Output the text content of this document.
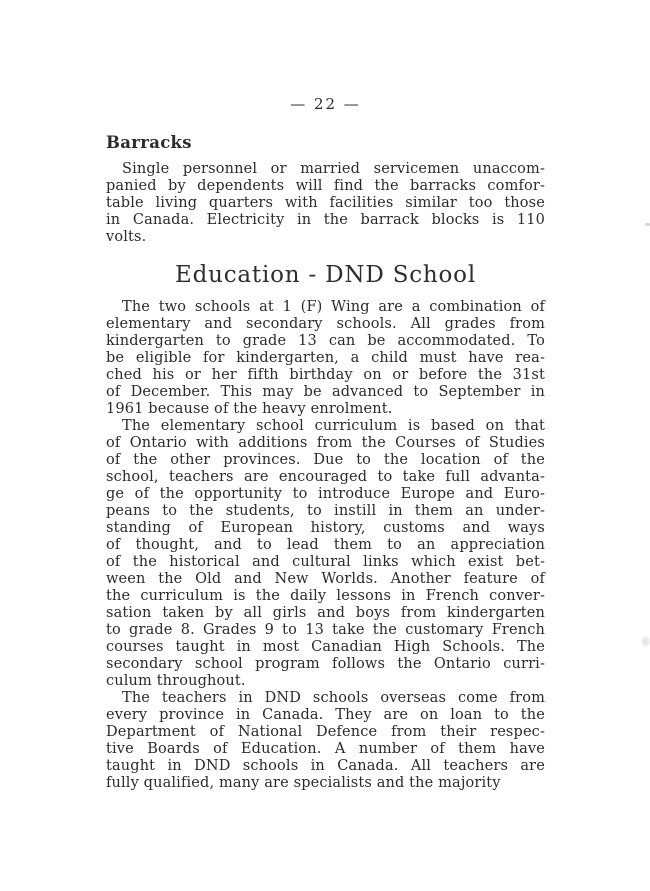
— 22 —
Barracks
Single personnel or married servicemen unaccom-
panied by dependents will find the barracks comfor-
table living quarters with facilities similar too those
in Canada. Electricity in the barrack blocks is 110
volts.
Education - DND School
The two schools at 1 (F) Wing are a combination of
elementary and secondary schools. All grades from
kindergarten to grade 13 can be accommodated. To
be eligible for kindergarten, a child must have rea-
ched his or her fifth birthday on or before the 31st
of December. This may be advanced to September in
1961 because of the heavy enrolment.
The elementary school curriculum is based on that
of Ontario with additions from the Courses of Studies
of the other provinces. Due to the location of the
school, teachers are encouraged to take full advanta-
ge of the opportunity to introduce Europe and Euro-
peans to the students, to instill in them an under-
standing of European history, customs and ways
of thought, and to lead them to an appreciation
of the historical and cultural links which exist bet-
ween the Old and New Worlds. Another feature of
the curriculum is the daily lessons in French conver-
sation taken by all girls and boys from kindergarten
to grade 8. Grades 9 to 13 take the customary French
courses taught in most Canadian High Schools. The
secondary school program follows the Ontario curri-
culum throughout.
The teachers in DND schools overseas come from
every province in Canada. They are on loan to the
Department of National Defence from their respec-
tive Boards of Education. A number of them have
taught in DND schools in Canada. All teachers are
fully qualified, many are specialists and the majority
